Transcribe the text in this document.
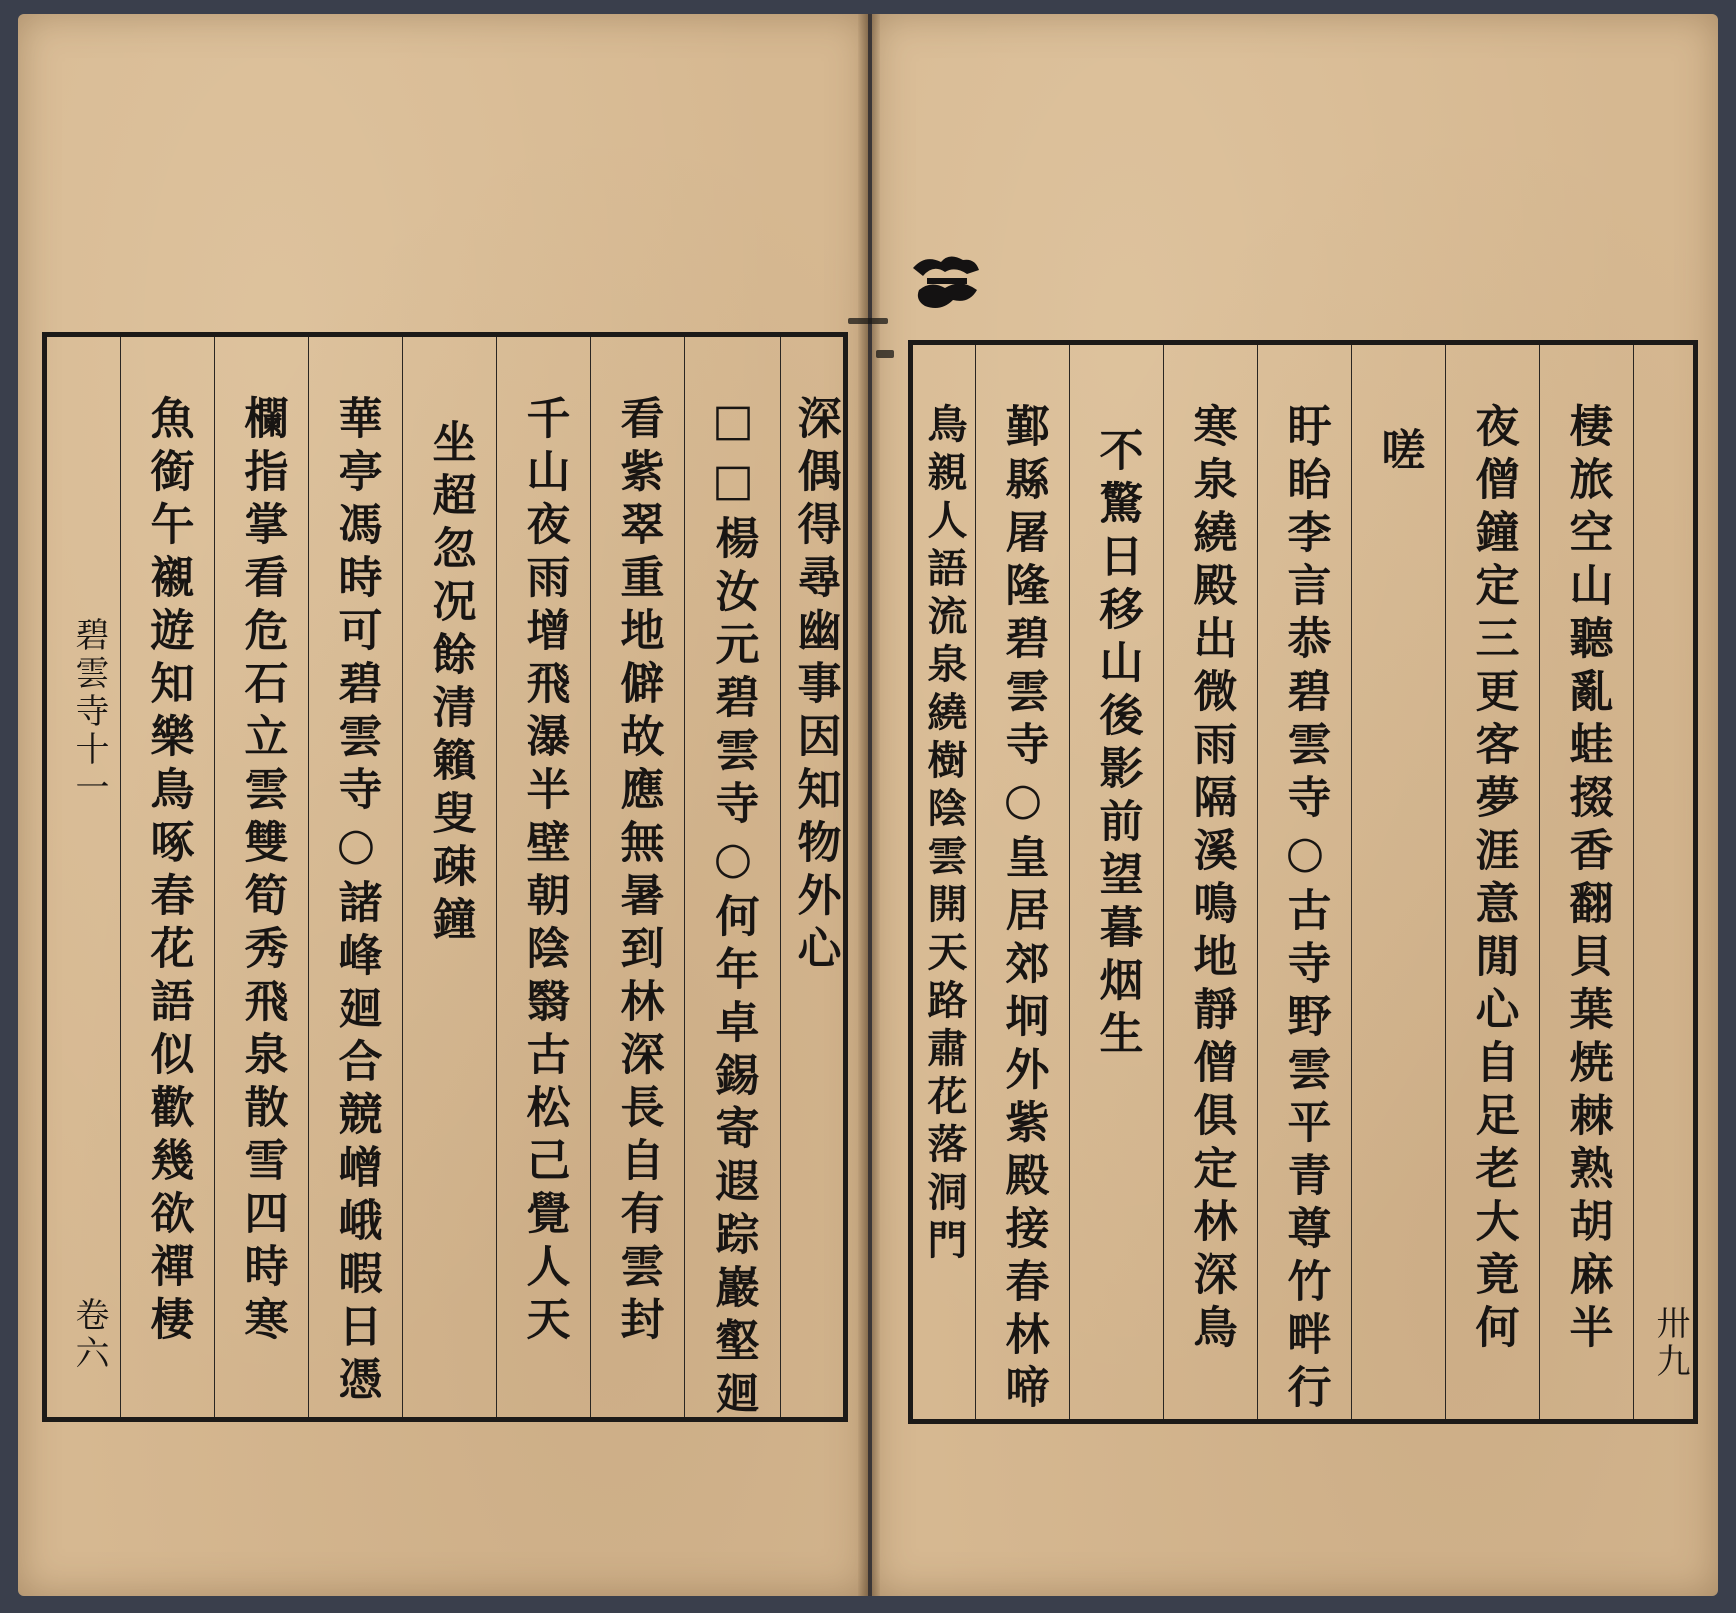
深偶得尋幽事因知物外心
□□楊汝元碧雲寺○何年卓錫寄遐踪巖壑廻
看紫翠重地僻故應無暑到林深長自有雲封
千山夜雨增飛瀑半壁朝陰翳古松己覺人天
坐超忽况餘清籟叟疎鐘
華亭馮時可碧雲寺○諸峰廻合競嶒峨暇日憑
欄指掌看危石立雲雙筍秀飛泉散雪四時寒
魚銜午襯遊知樂鳥啄春花語似歡幾欲禪棲
碧雲寺十一
卷六	卅九
棲旅空山聽亂蛙掇香翻貝葉焼棘熟胡麻半
夜僧鐘定三更客夢涯意閒心自足老大竟何
嗟
盱眙李言恭碧雲寺○古寺野雲平青尊竹畔行
寒泉繞殿出微雨隔溪鳴地靜僧俱定林深鳥
不驚日移山後影前望暮烟生
鄞縣屠隆碧雲寺○皇居郊坰外紫殿接春林啼
鳥親人語流泉繞樹陰雲開天路肅花落洞門
